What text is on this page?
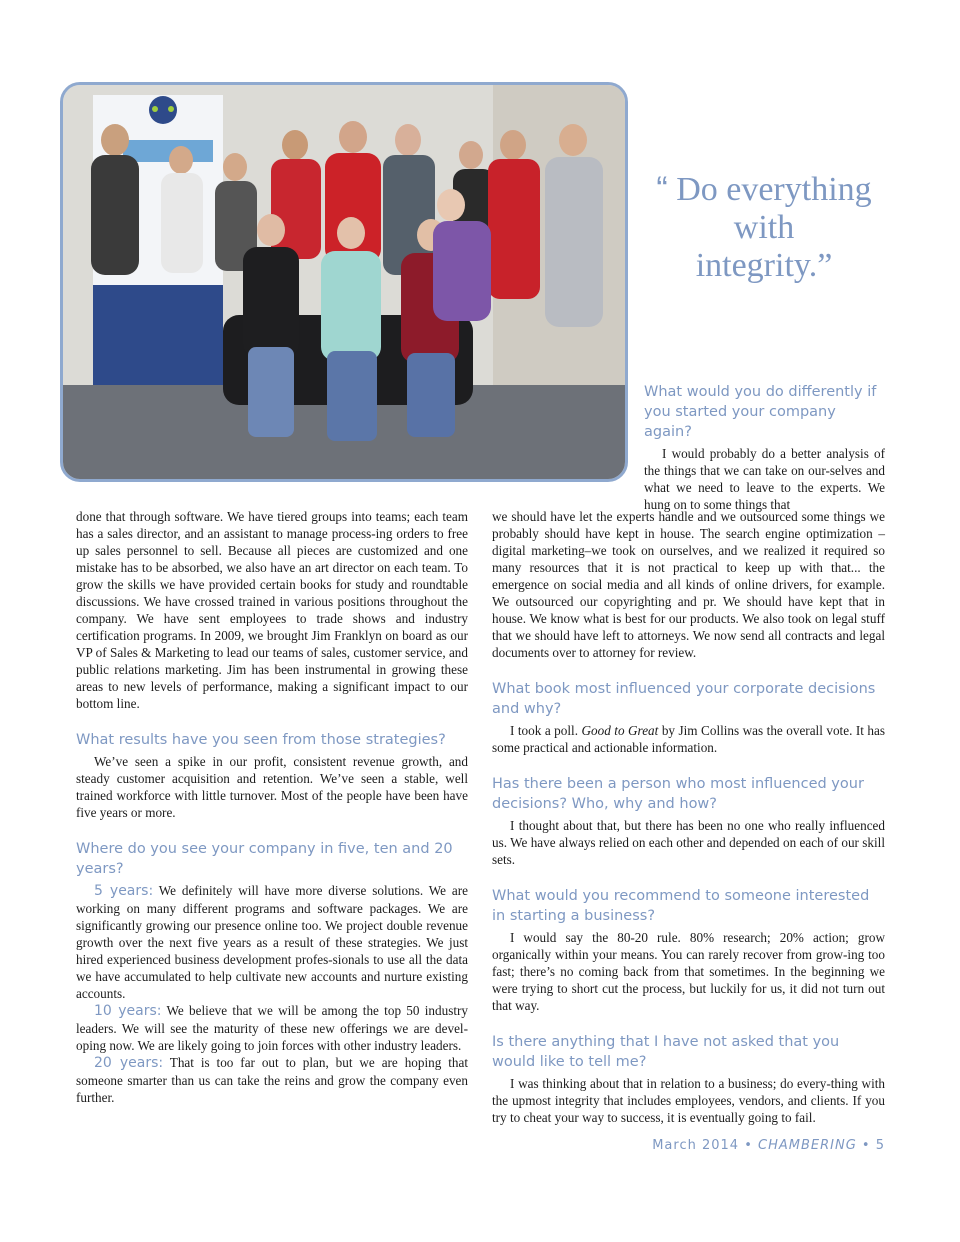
“ Do everything
with
integrity.”
What would you do differently if you started your company again?

I would probably do a better analysis of the things that we can take on our-selves and what we need to leave to the experts. We hung on to some things that

done that through software. We have tiered groups into teams; each team has a sales director, and an assistant to manage process-ing orders to free up sales personnel to sell. Because all pieces are customized and one mistake has to be absorbed, we also have an art director on each team. To grow the skills we have provided certain books for study and roundtable discussions. We have crossed trained in various positions throughout the company. We have sent employees to trade shows and industry certification programs. In 2009, we brought Jim Franklyn on board as our VP of Sales & Marketing to lead our teams of sales, customer service, and public relations marketing. Jim has been instrumental in growing these areas to new levels of performance, making a significant impact to our bottom line.

What results have you seen from those strategies?

We’ve seen a spike in our profit, consistent revenue growth, and steady customer acquisition and retention. We’ve seen a stable, well trained workforce with little turnover. Most of the people have been have five years or more.

Where do you see your company in five, ten and 20 years?

5 years: We definitely will have more diverse solutions. We are working on many different programs and software packages. We are significantly growing our presence online too. We project double revenue growth over the next five years as a result of these strategies. We just hired experienced business development profes-sionals to use all the data we have accumulated to help cultivate new accounts and nurture existing accounts.

10 years: We believe that we will be among the top 50 industry leaders. We will see the maturity of these new offerings we are devel-oping now. We are likely going to join forces with other industry leaders.

20 years: That is too far out to plan, but we are hoping that someone smarter than us can take the reins and grow the company even further.

we should have let the experts handle and we outsourced some things we probably should have kept in house. The search engine optimization –digital marketing–we took on ourselves, and we realized it required so many resources that it is not practical to keep up with that... the emergence on social media and all kinds of online drivers, for example. We outsourced our copyrighting and pr. We should have kept that in house. We know what is best for our products. We also took on legal stuff that we should have left to attorneys. We now send all contracts and legal documents over to attorney for review.

What book most influenced your corporate decisions and why?

I took a poll. Good to Great by Jim Collins was the overall vote. It has some practical and actionable information.

Has there been a person who most influenced your decisions? Who, why and how?

I thought about that, but there has been no one who really influenced us. We have always relied on each other and depended on each of our skill sets.

What would you recommend to someone interested in starting a business?

I would say the 80-20 rule. 80% research; 20% action; grow organically within your means. You can rarely recover from grow-ing too fast; there’s no coming back from that sometimes. In the beginning we were trying to short cut the process, but luckily for us, it did not turn out that way.

Is there anything that I have not asked that you would like to tell me?

I was thinking about that in relation to a business; do every-thing with the upmost integrity that includes employees, vendors, and clients. If you try to cheat your way to success, it is eventually going to fail.

March 2014 • CHAMBERING • 5
